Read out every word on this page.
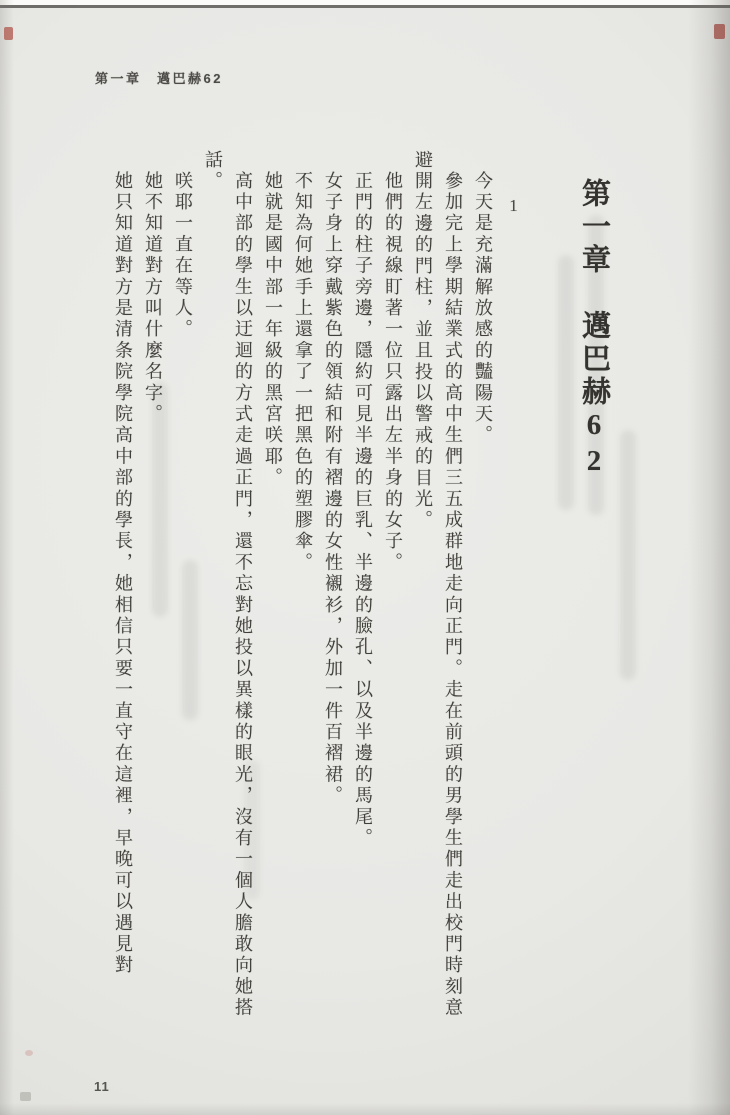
第一章　邁巴赫62
第一章　邁巴赫62
1

今天是充滿解放感的豔陽天。

參加完上學期結業式的高中生們三五成群地走向正門。走在前頭的男學生們走出校門時刻意避開左邊的門柱，並且投以警戒的目光。

他們的視線盯著一位只露出左半身的女子。

正門的柱子旁邊，隱約可見半邊的巨乳、半邊的臉孔、以及半邊的馬尾。

女子身上穿戴紫色的領結和附有褶邊的女性襯衫，外加一件百褶裙。

不知為何她手上還拿了一把黑色的塑膠傘。

她就是國中部一年級的黑宮咲耶。

高中部的學生以迂迴的方式走過正門，還不忘對她投以異樣的眼光，沒有一個人膽敢向她搭話。

咲耶一直在等人。

她不知道對方叫什麼名字。

她只知道對方是清条院學院高中部的學長，她相信只要一直守在這裡，早晚可以遇見對

11
